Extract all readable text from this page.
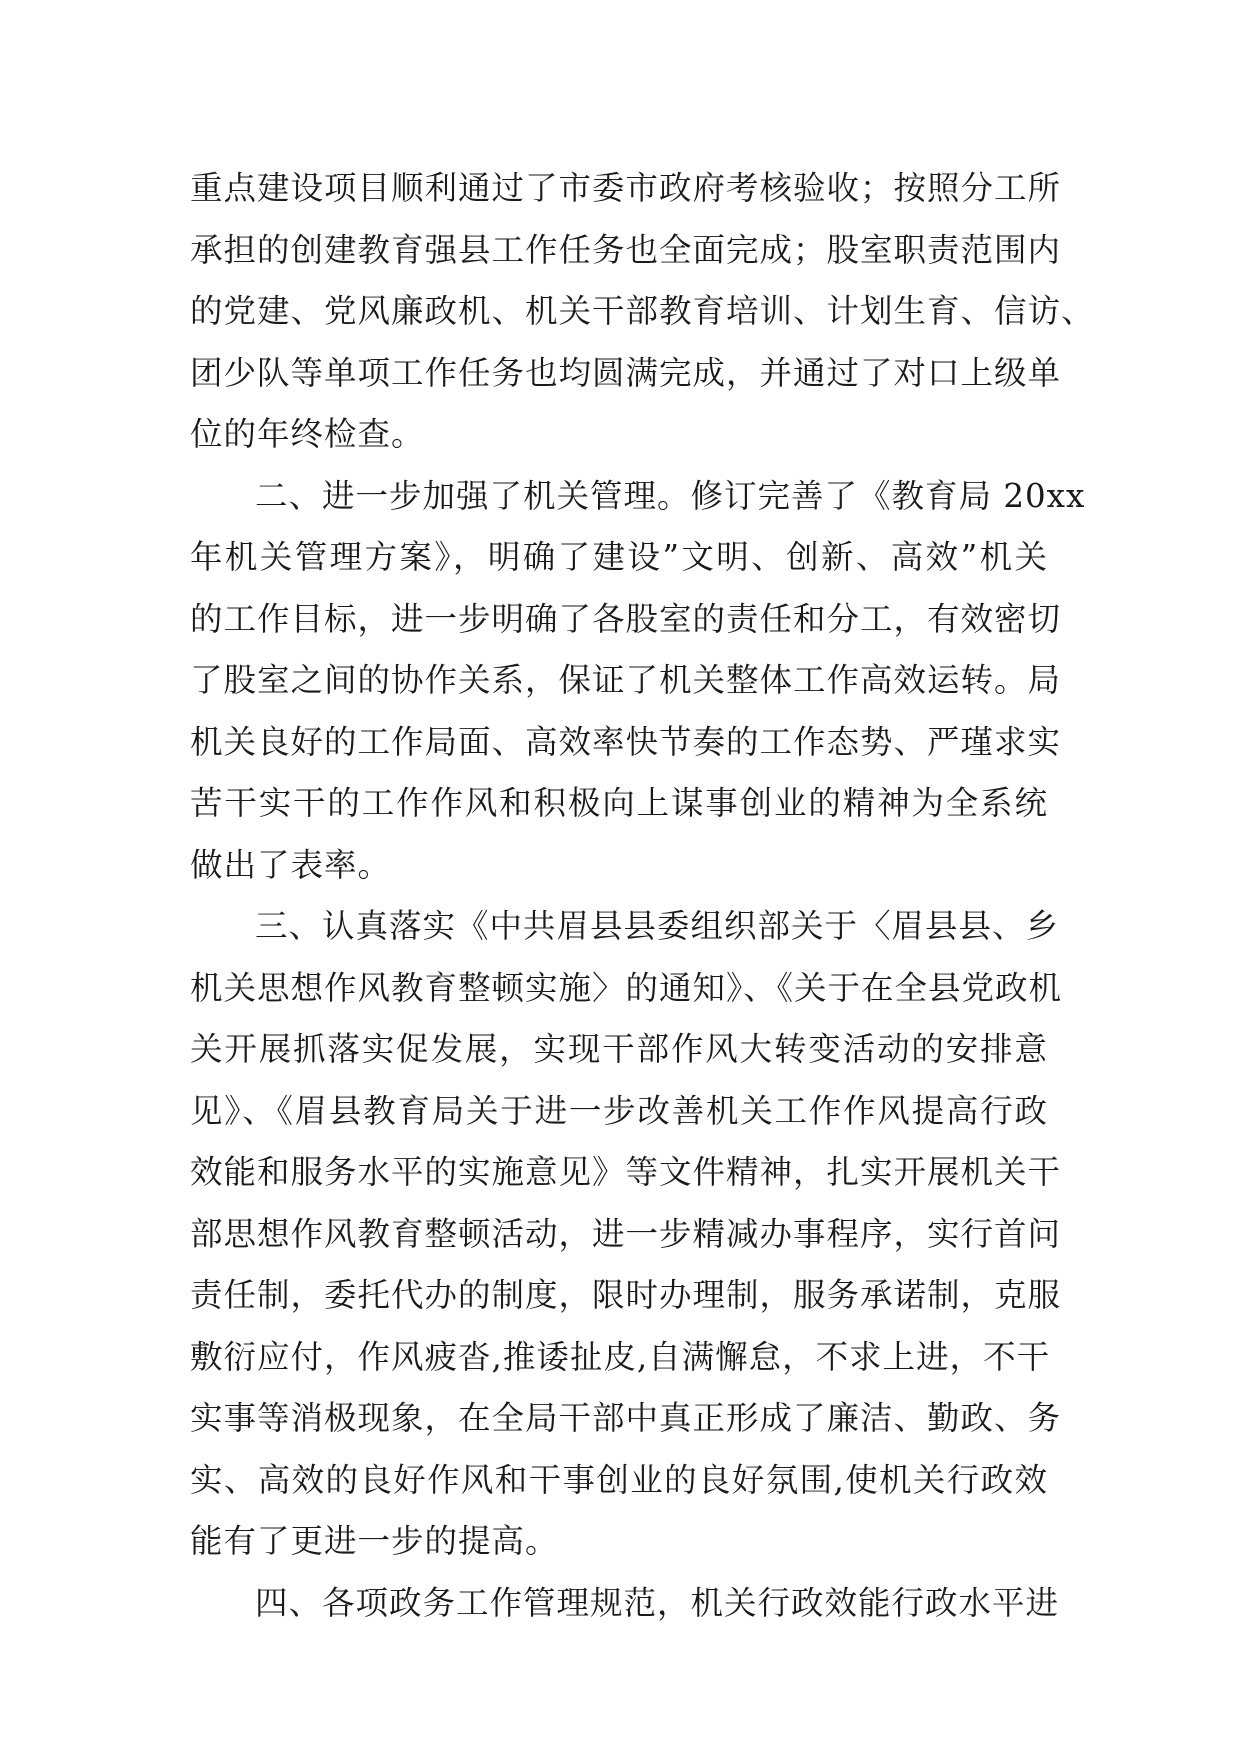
重点建设项目顺利通过了市委市政府考核验收；按照分工所
承担的创建教育强县工作任务也全面完成；股室职责范围内
的党建、党风廉政机、机关干部教育培训、计划生育、信访、
团少队等单项工作任务也均圆满完成，并通过了对口上级单
位的年终检查。
二、进一步加强了机关管理。修订完善了《教育局 20xx
年机关管理方案》，明确了建设”文明、创新、高效”机关
的工作目标，进一步明确了各股室的责任和分工，有效密切
了股室之间的协作关系，保证了机关整体工作高效运转。局
机关良好的工作局面、高效率快节奏的工作态势、严瑾求实
苦干实干的工作作风和积极向上谋事创业的精神为全系统
做出了表率。
三、认真落实《中共眉县县委组织部关于〈眉县县、乡
机关思想作风教育整顿实施〉的通知》、《关于在全县党政机
关开展抓落实促发展，实现干部作风大转变活动的安排意
见》、《眉县教育局关于进一步改善机关工作作风提高行政
效能和服务水平的实施意见》等文件精神，扎实开展机关干
部思想作风教育整顿活动，进一步精减办事程序，实行首问
责任制，委托代办的制度，限时办理制，服务承诺制，克服
敷衍应付，作风疲沓,推诿扯皮,自满懈怠，不求上进，不干
实事等消极现象，在全局干部中真正形成了廉洁、勤政、务
实、高效的良好作风和干事创业的良好氛围,使机关行政效
能有了更进一步的提高。
四、各项政务工作管理规范，机关行政效能行政水平进
